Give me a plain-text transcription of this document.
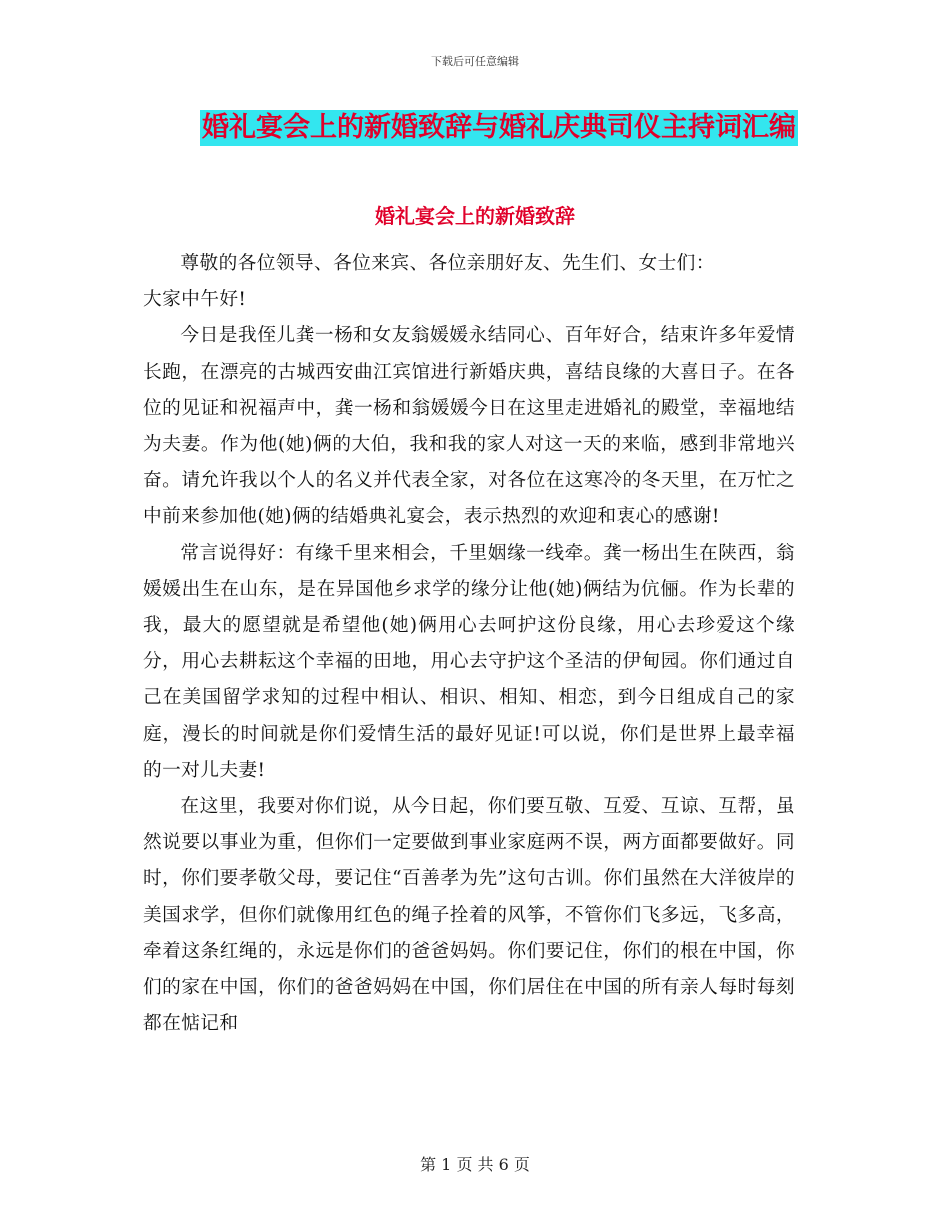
下载后可任意编辑
婚礼宴会上的新婚致辞与婚礼庆典司仪主持词汇编
婚礼宴会上的新婚致辞

尊敬的各位领导、各位来宾、各位亲朋好友、先生们、女士们：

大家中午好!

今日是我侄儿龚一杨和女友翁媛媛永结同心、百年好合，结束许多年爱情长跑，在漂亮的古城西安曲江宾馆进行新婚庆典，喜结良缘的大喜日子。在各位的见证和祝福声中，龚一杨和翁媛媛今日在这里走进婚礼的殿堂，幸福地结为夫妻。作为他(她)俩的大伯，我和我的家人对这一天的来临，感到非常地兴奋。请允许我以个人的名义并代表全家，对各位在这寒冷的冬天里，在万忙之中前来参加他(她)俩的结婚典礼宴会，表示热烈的欢迎和衷心的感谢!

常言说得好：有缘千里来相会，千里姻缘一线牵。龚一杨出生在陕西，翁媛媛出生在山东，是在异国他乡求学的缘分让他(她)俩结为伉俪。作为长辈的我，最大的愿望就是希望他(她)俩用心去呵护这份良缘，用心去珍爱这个缘分，用心去耕耘这个幸福的田地，用心去守护这个圣洁的伊甸园。你们通过自己在美国留学求知的过程中相认、相识、相知、相恋，到今日组成自己的家庭，漫长的时间就是你们爱情生活的最好见证!可以说，你们是世界上最幸福的一对儿夫妻!

在这里，我要对你们说，从今日起，你们要互敬、互爱、互谅、互帮，虽然说要以事业为重，但你们一定要做到事业家庭两不误，两方面都要做好。同时，你们要孝敬父母，要记住“百善孝为先”这句古训。你们虽然在大洋彼岸的美国求学，但你们就像用红色的绳子拴着的风筝，不管你们飞多远，飞多高，牵着这条红绳的，永远是你们的爸爸妈妈。你们要记住，你们的根在中国，你们的家在中国，你们的爸爸妈妈在中国，你们居住在中国的所有亲人每时每刻都在惦记和

第 1 页 共 6 页
